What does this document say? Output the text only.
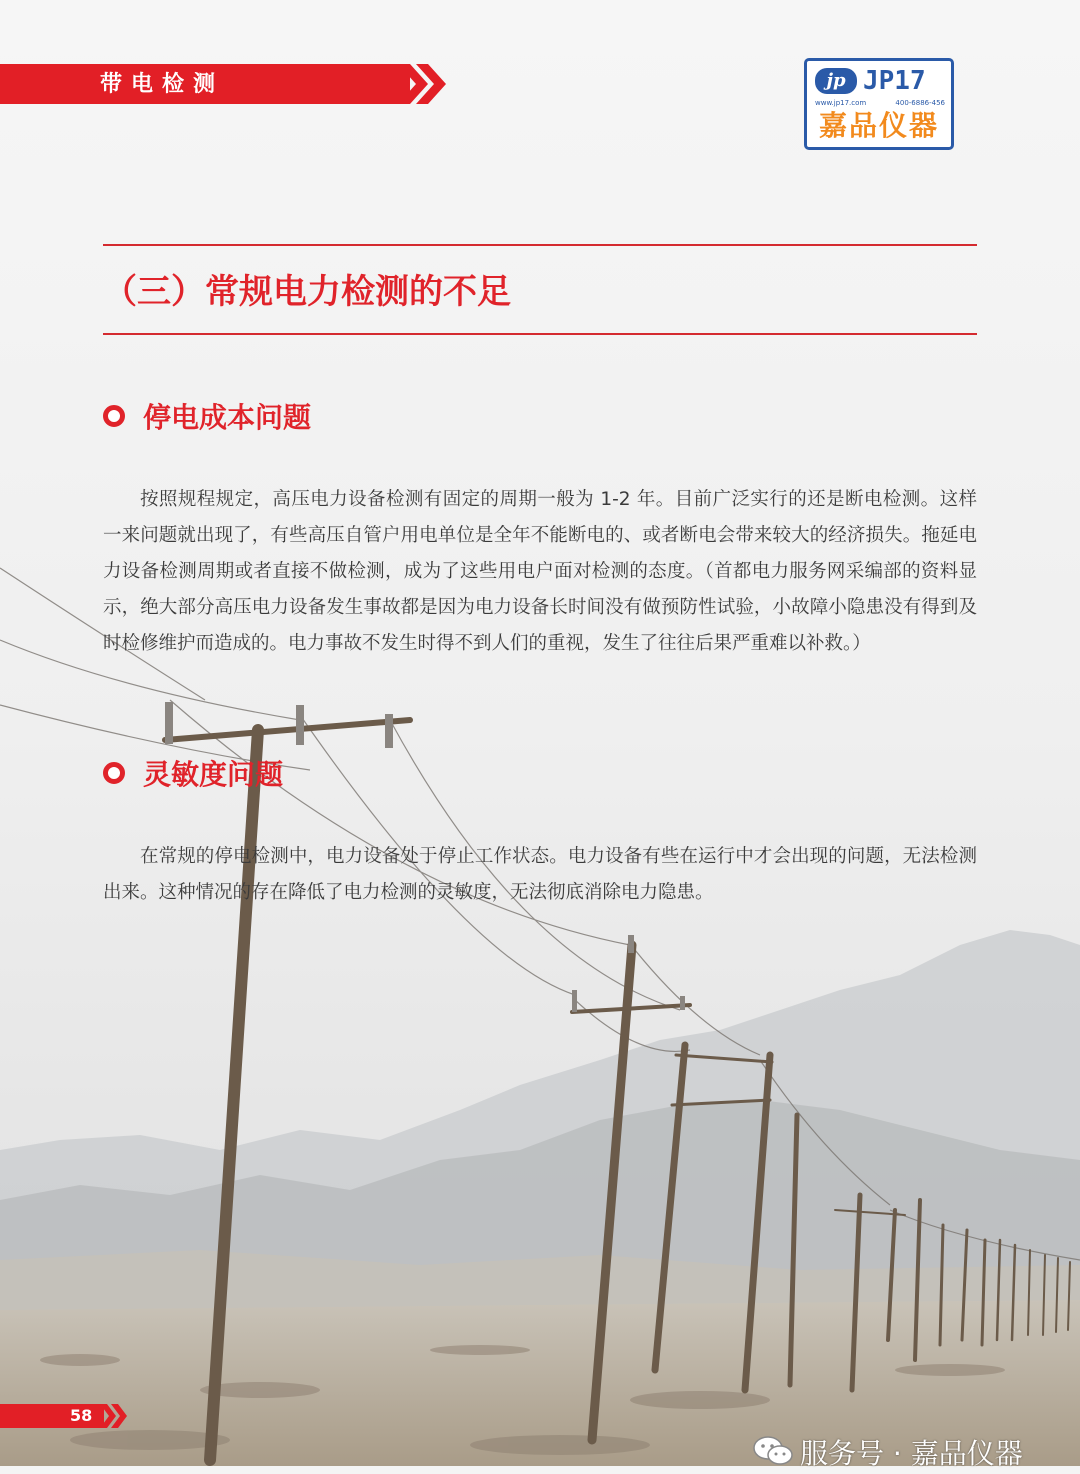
带电检测	jp JP17
www.jp17.com	400-6886-456
嘉品仪器
（三）常规电力检测的不足
停电成本问题

按照规程规定，高压电力设备检测有固定的周期一般为 1-2 年。目前广泛实行的还是断电检测。这样一来问题就出现了，有些高压自管户用电单位是全年不能断电的、或者断电会带来较大的经济损失。拖延电力设备检测周期或者直接不做检测，成为了这些用电户面对检测的态度。（首都电力服务网采编部的资料显示，绝大部分高压电力设备发生事故都是因为电力设备长时间没有做预防性试验，小故障小隐患没有得到及时检修维护而造成的。电力事故不发生时得不到人们的重视，发生了往往后果严重难以补救。）

灵敏度问题

在常规的停电检测中，电力设备处于停止工作状态。电力设备有些在运行中才会出现的问题，无法检测出来。这种情况的存在降低了电力检测的灵敏度，无法彻底消除电力隐患。

58
服务号 · 嘉品仪器
